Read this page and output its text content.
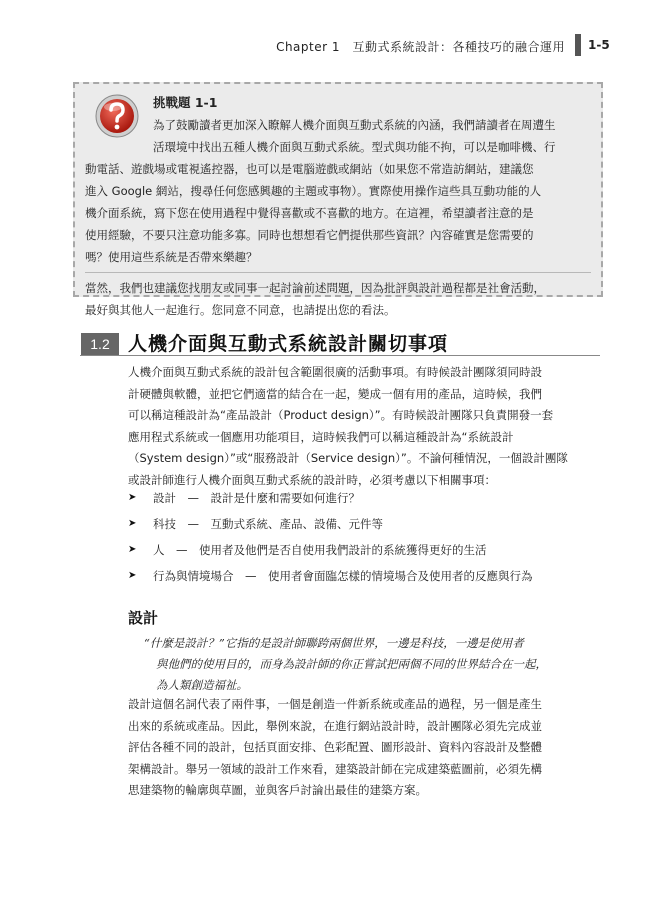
Chapter 1　互動式系統設計：各種技巧的融合運用 1-5
挑戰題 1-1
為了鼓勵讀者更加深入瞭解人機介面與互動式系統的內涵，我們請讀者在周遭生
活環境中找出五種人機介面與互動式系統。型式與功能不拘，可以是咖啡機、行
動電話、遊戲場或電視遙控器，也可以是電腦遊戲或網站（如果您不常造訪網站，建議您
進入 Google 網站，搜尋任何您感興趣的主題或事物）。實際使用操作這些具互動功能的人
機介面系統，寫下您在使用過程中覺得喜歡或不喜歡的地方。在這裡，希望讀者注意的是
使用經驗，不要只注意功能多寡。同時也想想看它們提供那些資訊？內容確實是您需要的
嗎？使用這些系統是否帶來樂趣？
當然，我們也建議您找朋友或同事一起討論前述問題，因為批評與設計過程都是社會活動，
最好與其他人一起進行。您同意不同意，也請提出您的看法。
1.2 人機介面與互動式系統設計關切事項
人機介面與互動式系統的設計包含範圍很廣的活動事項。有時候設計團隊須同時設
計硬體與軟體，並把它們適當的結合在一起，變成一個有用的產品，這時候，我們
可以稱這種設計為“產品設計（Product design）”。有時候設計團隊只負責開發一套
應用程式系統或一個應用功能項目，這時候我們可以稱這種設計為“系統設計
（System design）”或“服務設計（Service design）”。不論何種情況，一個設計團隊
或設計師進行人機介面與互動式系統的設計時，必須考慮以下相關事項：
➤ 設計　—　設計是什麼和需要如何進行？
➤ 科技　—　互動式系統、產品、設備、元件等
➤ 人　—　使用者及他們是否自使用我們設計的系統獲得更好的生活
➤ 行為與情境場合　—　使用者會面臨怎樣的情境場合及使用者的反應與行為
設計
“什麼是設計？”它指的是設計師聯跨兩個世界，一邊是科技，一邊是使用者
與他們的使用目的，而身為設計師的你正嘗試把兩個不同的世界結合在一起，
為人類創造福祉。
設計這個名詞代表了兩件事，一個是創造一件新系統或產品的過程，另一個是產生
出來的系統或產品。因此，舉例來說，在進行網站設計時，設計團隊必須先完成並
評估各種不同的設計，包括頁面安排、色彩配置、圖形設計、資料內容設計及整體
架構設計。舉另一領域的設計工作來看，建築設計師在完成建築藍圖前，必須先構
思建築物的輪廓與草圖，並與客戶討論出最佳的建築方案。
